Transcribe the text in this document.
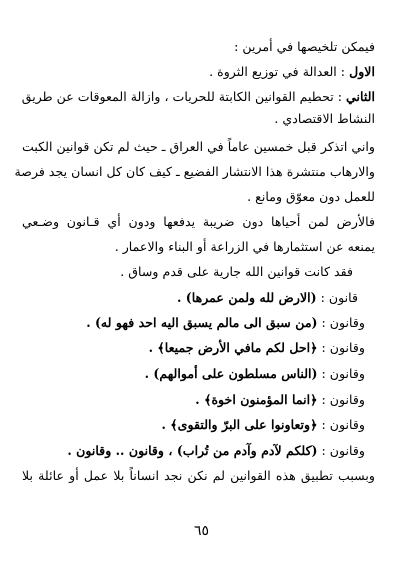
فيمكن تلخيصها في أمرين :
الاول : العدالة في توزيع الثروة .
الثاني : تحطيم القوانين الكابتة للحريات ، وازالة المعوقات عن طريق
النشاط الاقتصادي .
واني اتذكر قبل خمسين عاماً في العراق ـ حيث لم تكن قوانين الكبت
والارهاب منتشرة هذا الانتشار الفضيع ـ كيف كان كل انسان يجد فرصة
للعمل دون معوّق ومانع .
فالأرض لمن أحياها دون ضريبة يدفعها ودون أي قـانون وضـعي
يمنعه عن استثمارها في الزراعة أو البناء والاعمار .
فقد كانت قوانين الله جارية على قدم وساق .
قانون : (الارض لله ولمن عمرها) .
وقانون : (من سبق الى مالم يسبق اليه احد فهو له) .
وقانون : ﴿احل لكم مافي الأرض جميعا﴾ .
وقانون : (الناس مسلطون على أموالهم) .
وقانون : ﴿انما المؤمنون اخوة﴾ .
وقانون : ﴿وتعاونوا على البرّ والتقوى﴾ .
وقانون : (كلكم لآدم وآدم من تُراب) ، وقانون .. وقانون .
وبسبب تطبيق هذه القوانين لم نكن نجد انساناً بلا عمل أو عائلة بلا
٦٥
